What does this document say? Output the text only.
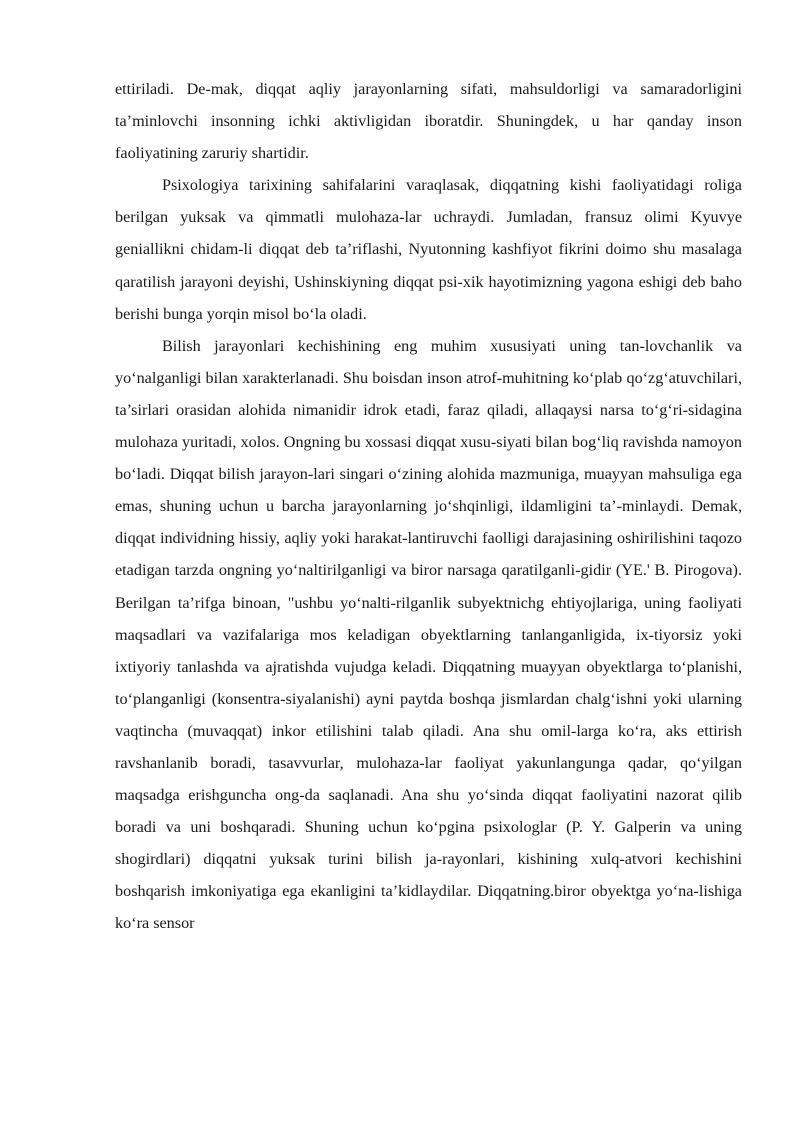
ettiriladi. De-mak, diqqat aqliy jarayonlarning sifati, mahsuldorligi va samaradorligini ta’minlovchi insonning ichki aktivligidan iboratdir. Shuningdek, u har qanday inson faoliyatining zaruriy shartidir.

Psixologiya tarixining sahifalarini varaqlasak, diqqatning kishi faoliyatidagi roliga berilgan yuksak va qimmatli mulohaza-lar uchraydi. Jumladan, fransuz olimi Kyuvye geniallikni chidam-li diqqat deb ta’riflashi, Nyutonning kashfiyot fikrini doimo shu masalaga qaratilish jarayoni deyishi, Ushinskiyning diqqat psi-xik hayotimizning yagona eshigi deb baho berishi bunga yorqin misol bo‘la oladi.

Bilish jarayonlari kechishining eng muhim xususiyati uning tan-lovchanlik va yo‘nalganligi bilan xarakterlanadi. Shu boisdan inson atrof-muhitning ko‘plab qo‘zg‘atuvchilari, ta’sirlari orasidan alohida nimanidir idrok etadi, faraz qiladi, allaqaysi narsa to‘g‘ri-sidagina mulohaza yuritadi, xolos. Ongning bu xossasi diqqat xusu-siyati bilan bog‘liq ravishda namoyon bo‘ladi. Diqqat bilish jarayon-lari singari o‘zining alohida mazmuniga, muayyan mahsuliga ega emas, shuning uchun u barcha jarayonlarning jo‘shqinligi, ildamligini ta’-minlaydi. Demak, diqqat individning hissiy, aqliy yoki harakat-lantiruvchi faolligi darajasining oshirilishini taqozo etadigan tarzda ongning yo‘naltirilganligi va biror narsaga qaratilganli-gidir (YE.' B. Pirogova). Berilgan ta’rifga binoan, "ushbu yo‘nalti-rilganlik subyektnichg ehtiyojlariga, uning faoliyati maqsadlari va vazifalariga mos keladigan obyektlarning tanlanganligida, ix-tiyorsiz yoki ixtiyoriy tanlashda va ajratishda vujudga keladi. Diqqatning muayyan obyektlarga to‘planishi, to‘planganligi (konsentra-siyalanishi) ayni paytda boshqa jismlardan chalg‘ishni yoki ularning vaqtincha (muvaqqat) inkor etilishini talab qiladi. Ana shu omil-larga ko‘ra, aks ettirish ravshanlanib boradi, tasavvurlar, mulohaza-lar faoliyat yakunlangunga qadar, qo‘yilgan maqsadga erishguncha ong-da saqlanadi. Ana shu yo‘sinda diqqat faoliyatini nazorat qilib boradi va uni boshqaradi. Shuning uchun ko‘pgina psixologlar (P. Y. Galperin va uning shogirdlari) diqqatni yuksak turini bilish ja-rayonlari, kishining xulq-atvori kechishini boshqarish imkoniyatiga ega ekanligini ta’kidlaydilar. Diqqatning.biror obyektga yo‘na-lishiga ko‘ra sensor
